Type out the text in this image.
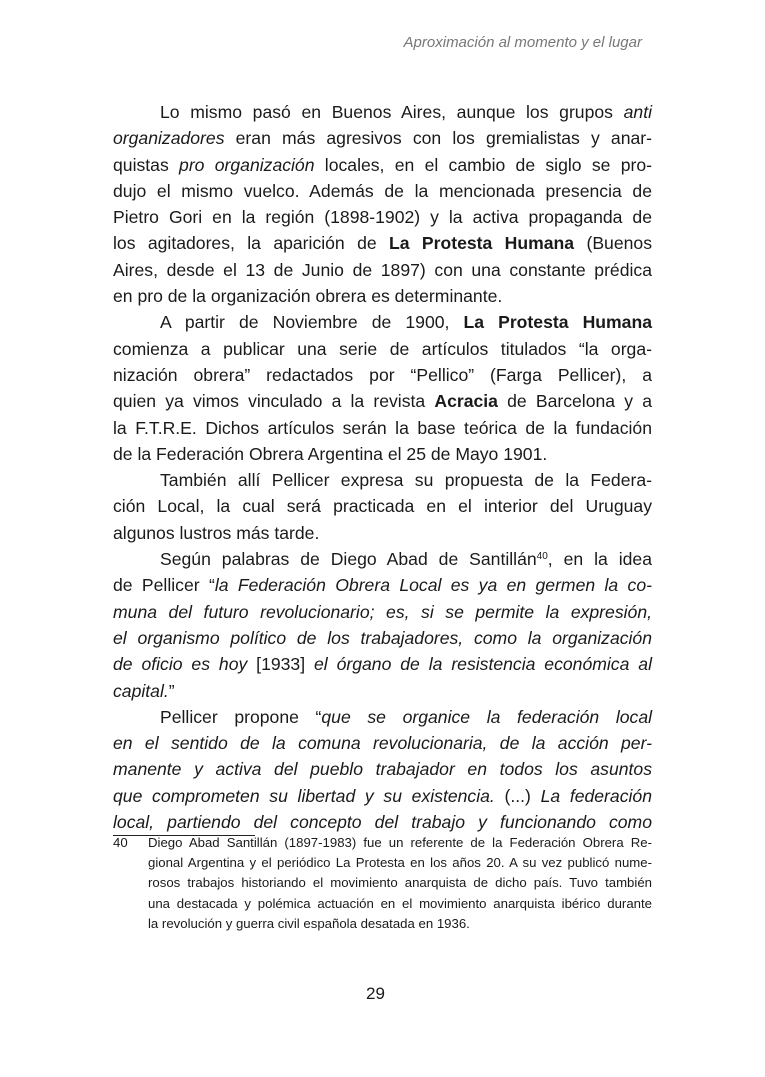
Aproximación al momento y el lugar
Lo mismo pasó en Buenos Aires, aunque los grupos anti
organizadores eran más agresivos con los gremialistas y anar-
quistas pro organización locales, en el cambio de siglo se pro-
dujo el mismo vuelco. Además de la mencionada presencia de
Pietro Gori en la región (1898-1902) y la activa propaganda de
los agitadores, la aparición de La Protesta Humana (Buenos
Aires, desde el 13 de Junio de 1897) con una constante prédica
en pro de la organización obrera es determinante.
A partir de Noviembre de 1900, La Protesta Humana
comienza a publicar una serie de artículos titulados “la orga-
nización obrera” redactados por “Pellico” (Farga Pellicer), a
quien ya vimos vinculado a la revista Acracia de Barcelona y a
la F.T.R.E. Dichos artículos serán la base teórica de la fundación
de la Federación Obrera Argentina el 25 de Mayo 1901.
También allí Pellicer expresa su propuesta de la Federa-
ción Local, la cual será practicada en el interior del Uruguay
algunos lustros más tarde.
Según palabras de Diego Abad de Santillán$^{40}$, en la idea
de Pellicer “la Federación Obrera Local es ya en germen la co-
muna del futuro revolucionario; es, si se permite la expresión,
el organismo político de los trabajadores, como la organización
de oficio es hoy [1933] el órgano de la resistencia económica al
capital.”
Pellicer propone “que se organice la federación local
en el sentido de la comuna revolucionaria, de la acción per-
manente y activa del pueblo trabajador en todos los asuntos
que comprometen su libertad y su existencia. (...) La federación
local, partiendo del concepto del trabajo y funcionando como
40 Diego Abad Santillán (1897-1983) fue un referente de la Federación Obrera Re-
gional Argentina y el periódico La Protesta en los años 20. A su vez publicó nume-
rosos trabajos historiando el movimiento anarquista de dicho país. Tuvo también
una destacada y polémica actuación en el movimiento anarquista ibérico durante
la revolución y guerra civil española desatada en 1936.
29
